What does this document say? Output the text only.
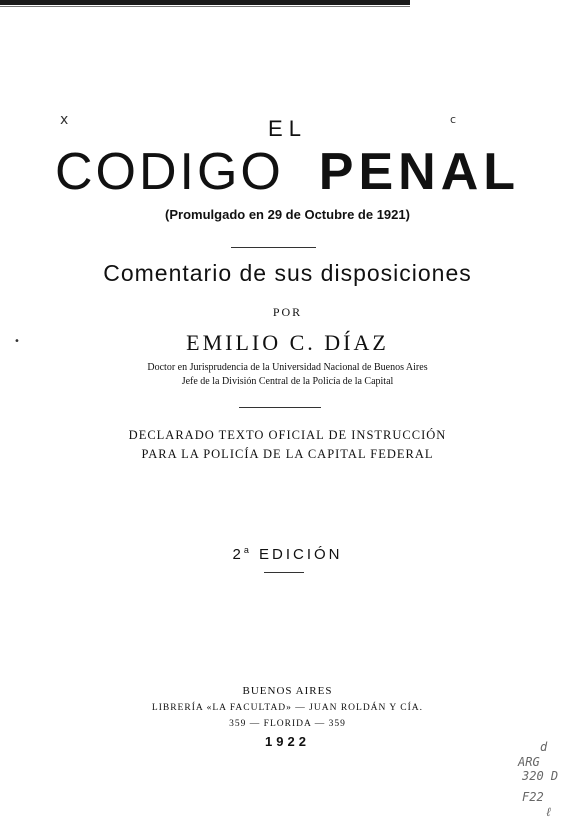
EL
CODIGO PENAL
(Promulgado en 29 de Octubre de 1921)
Comentario de sus disposiciones
POR
EMILIO C. DÍAZ
Doctor en Jurisprudencia de la Universidad Nacional de Buenos Aires
Jefe de la División Central de la Policía de la Capital
DECLARADO TEXTO OFICIAL DE INSTRUCCIÓN
PARA LA POLICÍA DE LA CAPITAL FEDERAL
2$^a$ EDICIÓN
BUENOS AIRES
LIBRERÍA «LA FACULTAD» — JUAN ROLDÁN Y CÍA.
359 — FLORIDA — 359
1922
x	c
•
d
ARG
320 D
F22
ℓ
